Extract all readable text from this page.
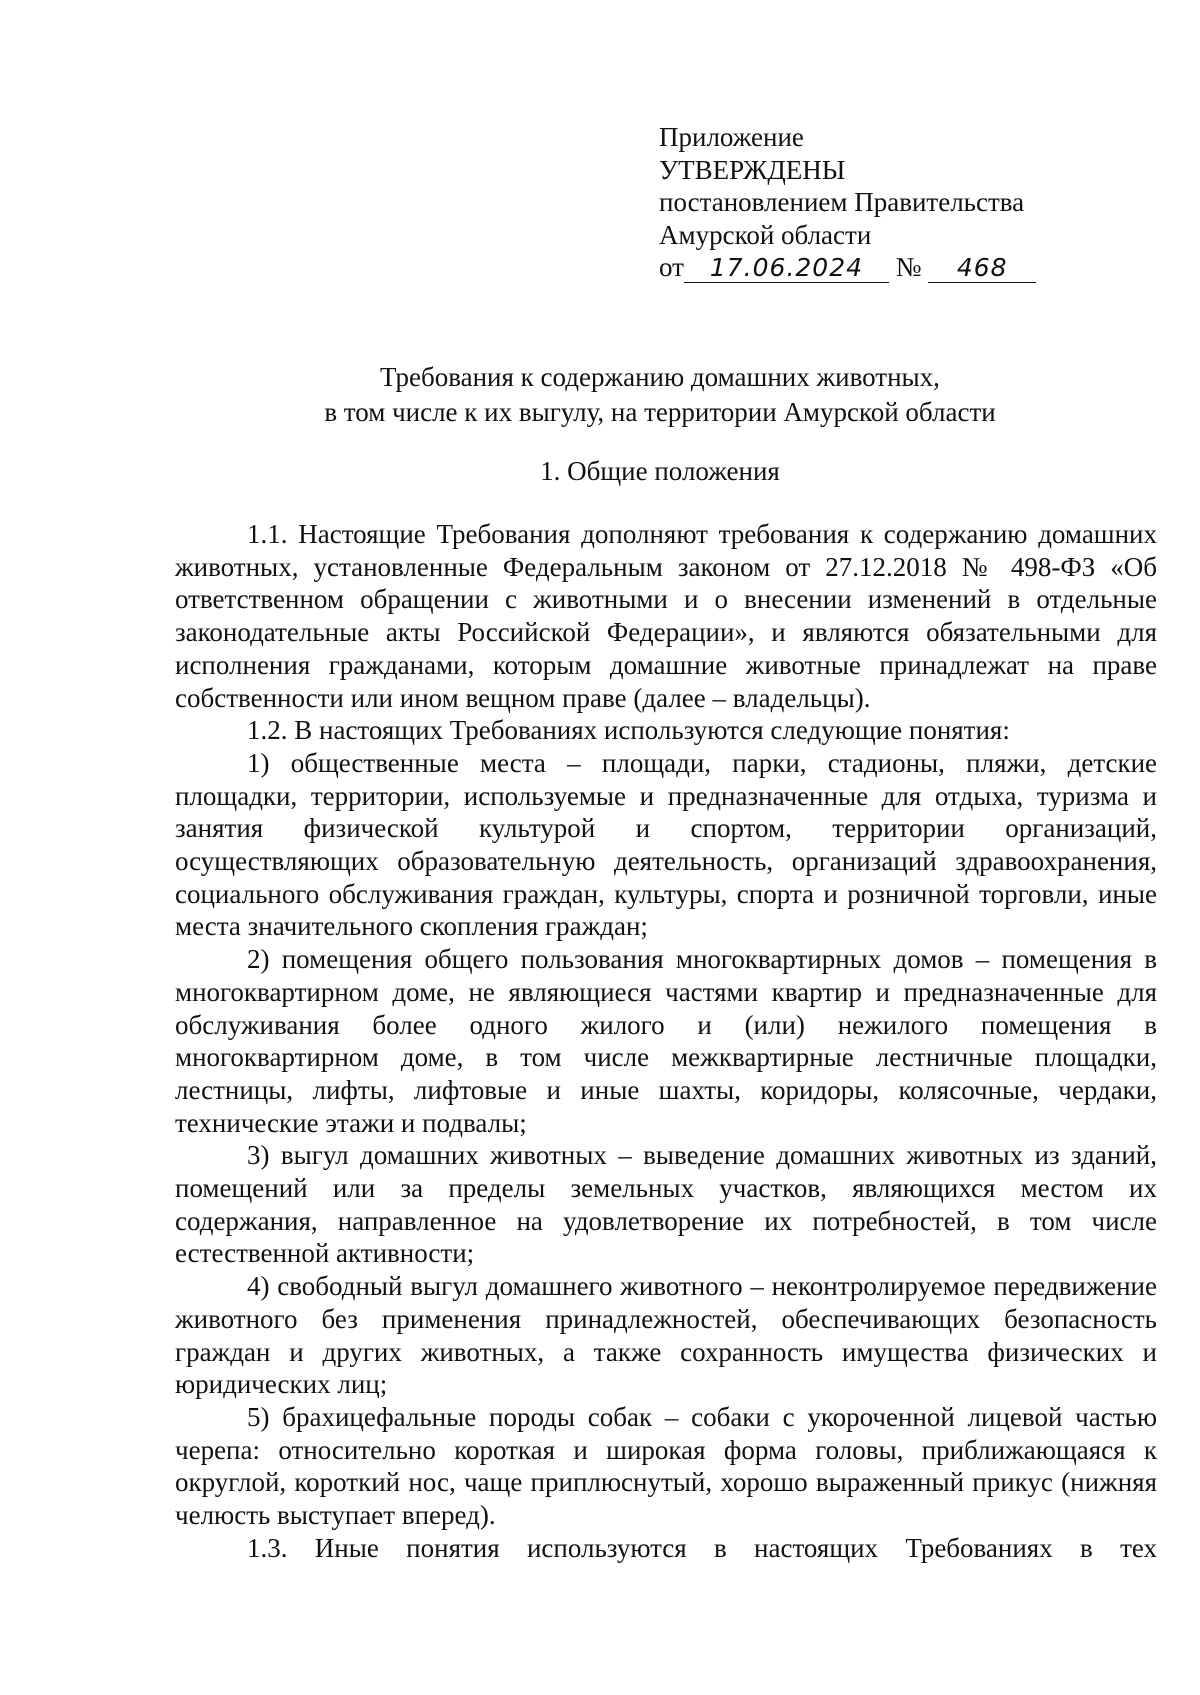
Приложение
УТВЕРЖДЕНЫ
постановлением Правительства
Амурской области
от 17.06.2024 № 468
Требования к содержанию домашних животных,
в том числе к их выгулу, на территории Амурской области
1. Общие положения

1.1. Настоящие Требования дополняют требования к содержанию домашних животных, установленные Федеральным законом от 27.12.2018 № 498-ФЗ «Об ответственном обращении с животными и о внесении изменений в отдельные законодательные акты Российской Федерации», и являются обязательными для исполнения гражданами, которым домашние животные принадлежат на праве собственности или ином вещном праве (далее – владельцы).

1.2. В настоящих Требованиях используются следующие понятия:

1) общественные места – площади, парки, стадионы, пляжи, детские площадки, территории, используемые и предназначенные для отдыха, туризма и занятия физической культурой и спортом, территории организаций, осуществляющих образовательную деятельность, организаций здравоохранения, социального обслуживания граждан, культуры, спорта и розничной торговли, иные места значительного скопления граждан;

2) помещения общего пользования многоквартирных домов – помещения в многоквартирном доме, не являющиеся частями квартир и предназначенные для обслуживания более одного жилого и (или) нежилого помещения в многоквартирном доме, в том числе межквартирные лестничные площадки, лестницы, лифты, лифтовые и иные шахты, коридоры, колясочные, чердаки, технические этажи и подвалы;

3) выгул домашних животных – выведение домашних животных из зданий, помещений или за пределы земельных участков, являющихся местом их содержания, направленное на удовлетворение их потребностей, в том числе естественной активности;

4) свободный выгул домашнего животного – неконтролируемое передвижение животного без применения принадлежностей, обеспечивающих безопасность граждан и других животных, а также сохранность имущества физических и юридических лиц;

5) брахицефальные породы собак – собаки с укороченной лицевой частью черепа: относительно короткая и широкая форма головы, приближающаяся к округлой, короткий нос, чаще приплюснутый, хорошо выраженный прикус (нижняя челюсть выступает вперед).

1.3. Иные понятия используются в настоящих Требованиях в тех
